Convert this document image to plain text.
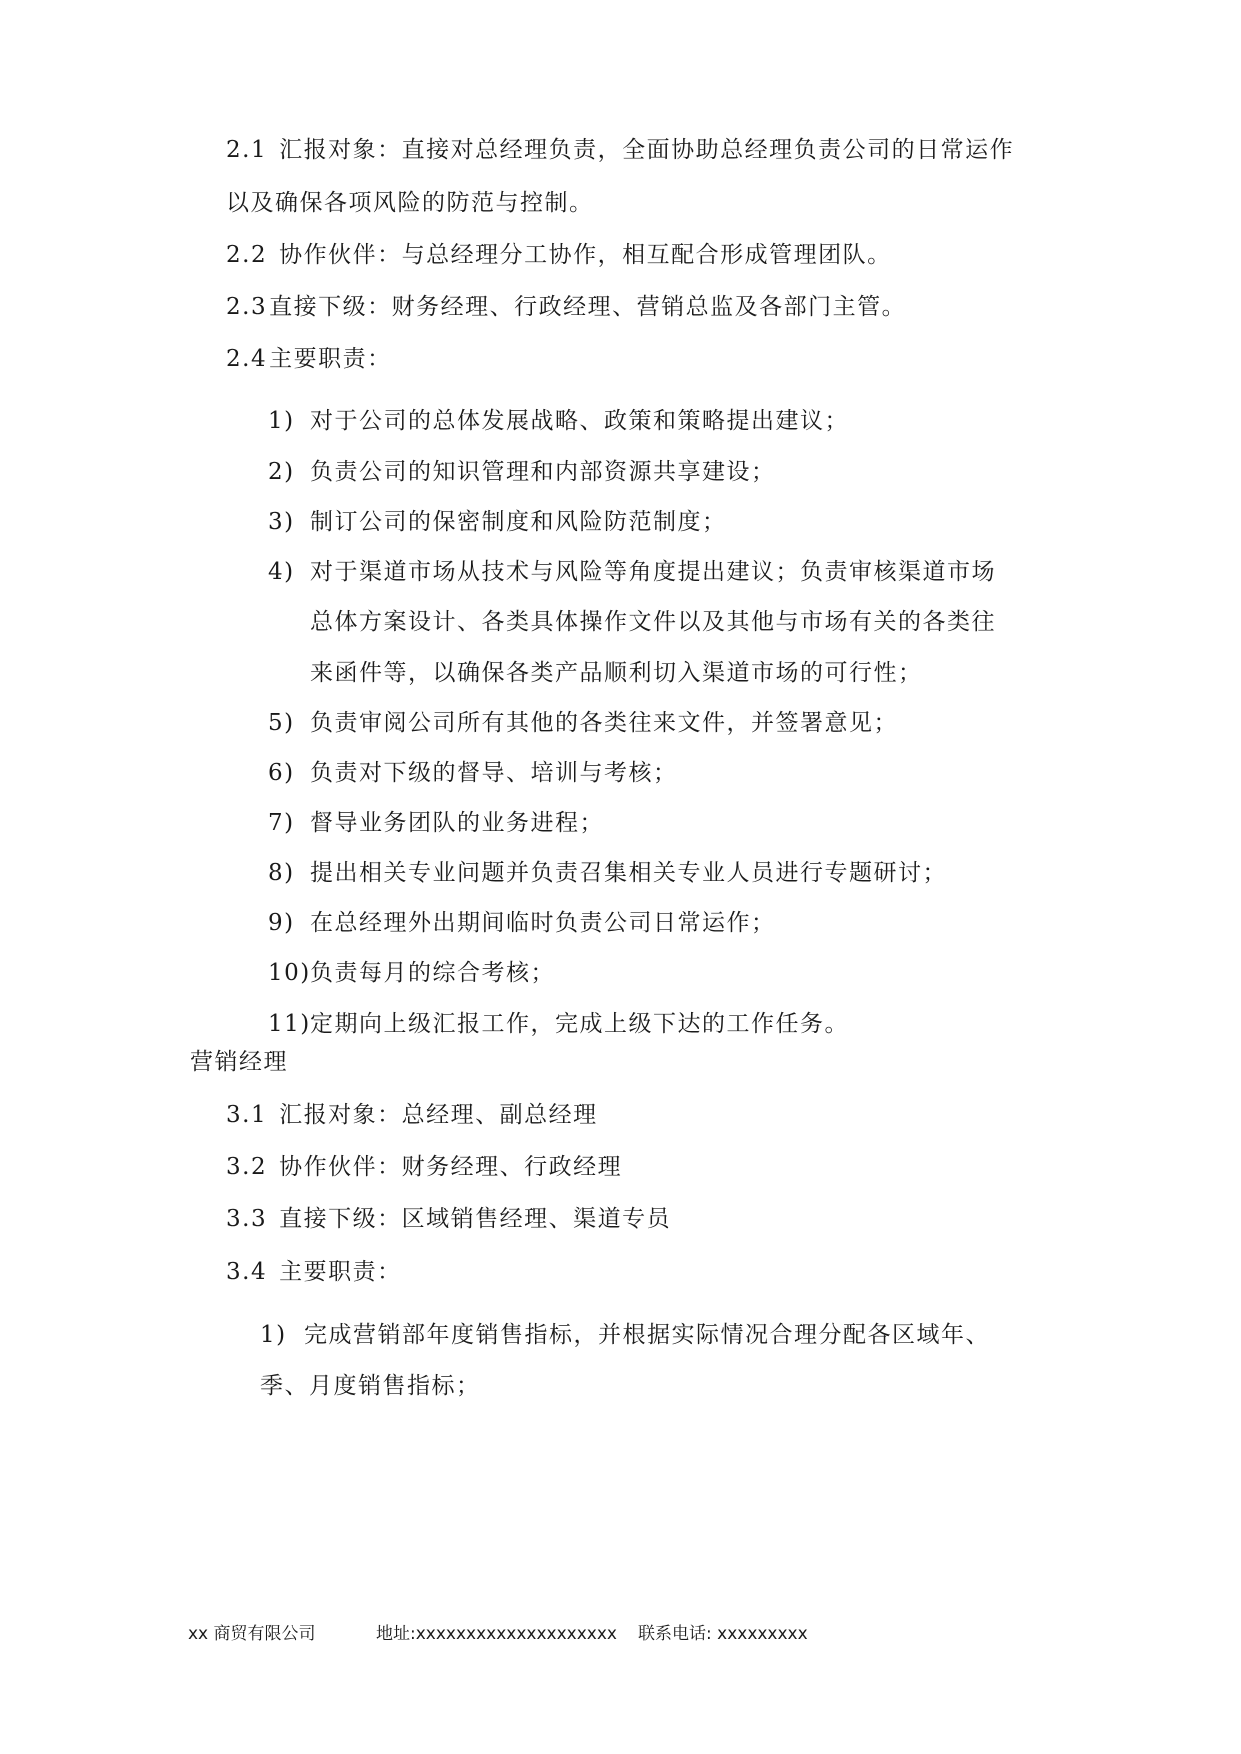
2.1 汇报对象：直接对总经理负责，全面协助总经理负责公司的日常运作
以及确保各项风险的防范与控制。
2.2 协作伙伴：与总经理分工协作，相互配合形成管理团队。
2.3直接下级：财务经理、行政经理、营销总监及各部门主管。
2.4主要职责：
1) 对于公司的总体发展战略、政策和策略提出建议；
2) 负责公司的知识管理和内部资源共享建设；
3) 制订公司的保密制度和风险防范制度；
4) 对于渠道市场从技术与风险等角度提出建议；负责审核渠道市场
总体方案设计、各类具体操作文件以及其他与市场有关的各类往
来函件等，以确保各类产品顺利切入渠道市场的可行性；
5) 负责审阅公司所有其他的各类往来文件，并签署意见；
6) 负责对下级的督导、培训与考核；
7) 督导业务团队的业务进程；
8) 提出相关专业问题并负责召集相关专业人员进行专题研讨；
9) 在总经理外出期间临时负责公司日常运作；
10)负责每月的综合考核；
11)定期向上级汇报工作，完成上级下达的工作任务。
营销经理
3.1 汇报对象：总经理、副总经理
3.2 协作伙伴：财务经理、行政经理
3.3 直接下级：区域销售经理、渠道专员
3.4 主要职责：
1) 完成营销部年度销售指标，并根据实际情况合理分配各区域年、
季、月度销售指标；
xx 商贸有限公司	地址:xxxxxxxxxxxxxxxxxxxx 联系电话: xxxxxxxxx
